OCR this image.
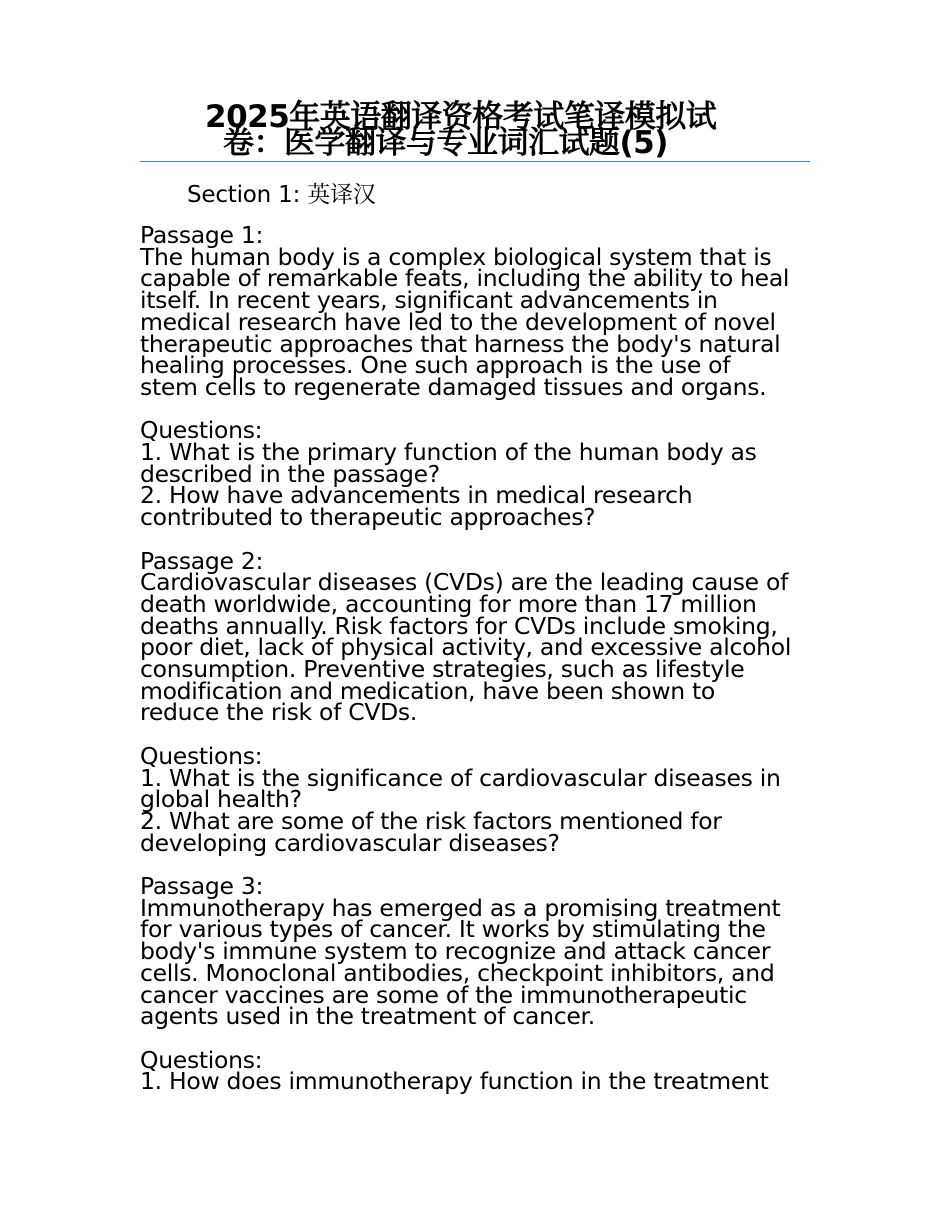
2025年英语翻译资格考试笔译模拟试
卷：医学翻译与专业词汇试题(5)
Section 1: 英译汉
Passage 1:
The human body is a complex biological system that is
capable of remarkable feats, including the ability to heal
itself. In recent years, significant advancements in
medical research have led to the development of novel
therapeutic approaches that harness the body's natural
healing processes. One such approach is the use of
stem cells to regenerate damaged tissues and organs.
Questions:
1. What is the primary function of the human body as
described in the passage?
2. How have advancements in medical research
contributed to therapeutic approaches?
Passage 2:
Cardiovascular diseases (CVDs) are the leading cause of
death worldwide, accounting for more than 17 million
deaths annually. Risk factors for CVDs include smoking,
poor diet, lack of physical activity, and excessive alcohol
consumption. Preventive strategies, such as lifestyle
modification and medication, have been shown to
reduce the risk of CVDs.
Questions:
1. What is the significance of cardiovascular diseases in
global health?
2. What are some of the risk factors mentioned for
developing cardiovascular diseases?
Passage 3:
Immunotherapy has emerged as a promising treatment
for various types of cancer. It works by stimulating the
body's immune system to recognize and attack cancer
cells. Monoclonal antibodies, checkpoint inhibitors, and
cancer vaccines are some of the immunotherapeutic
agents used in the treatment of cancer.
Questions:
1. How does immunotherapy function in the treatment
